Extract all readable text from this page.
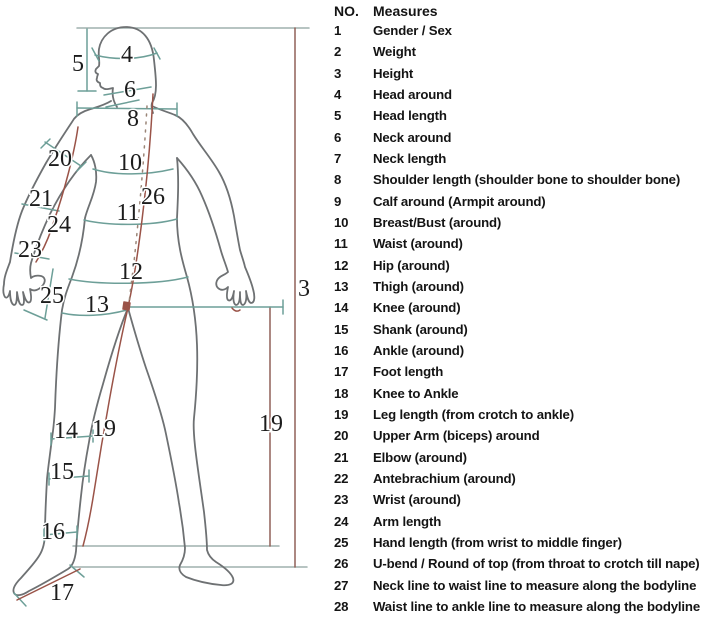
4
5
6
8
20 10
26
21
24 11
23
12
25 13
3
19
14	19
15
16
17
NO.	Measures
1	Gender / Sex
2	Weight
3	Height
4	Head around
5	Head length
6	Neck around
7	Neck length
8	Shoulder length (shoulder bone to shoulder bone)
9	Calf around (Armpit around)
10	Breast/Bust (around)
11	Waist (around)
12	Hip (around)
13	Thigh (around)
14	Knee (around)
15	Shank (around)
16	Ankle (around)
17	Foot length
18	Knee to Ankle
19	Leg length (from crotch to ankle)
20	Upper Arm (biceps) around
21	Elbow (around)
22	Antebrachium (around)
23	Wrist (around)
24	Arm length
25	Hand length (from wrist to middle finger)
26	U-bend / Round of top (from throat to crotch till nape)
27	Neck line to waist line to measure along the bodyline
28	Waist line to ankle line to measure along the bodyline
